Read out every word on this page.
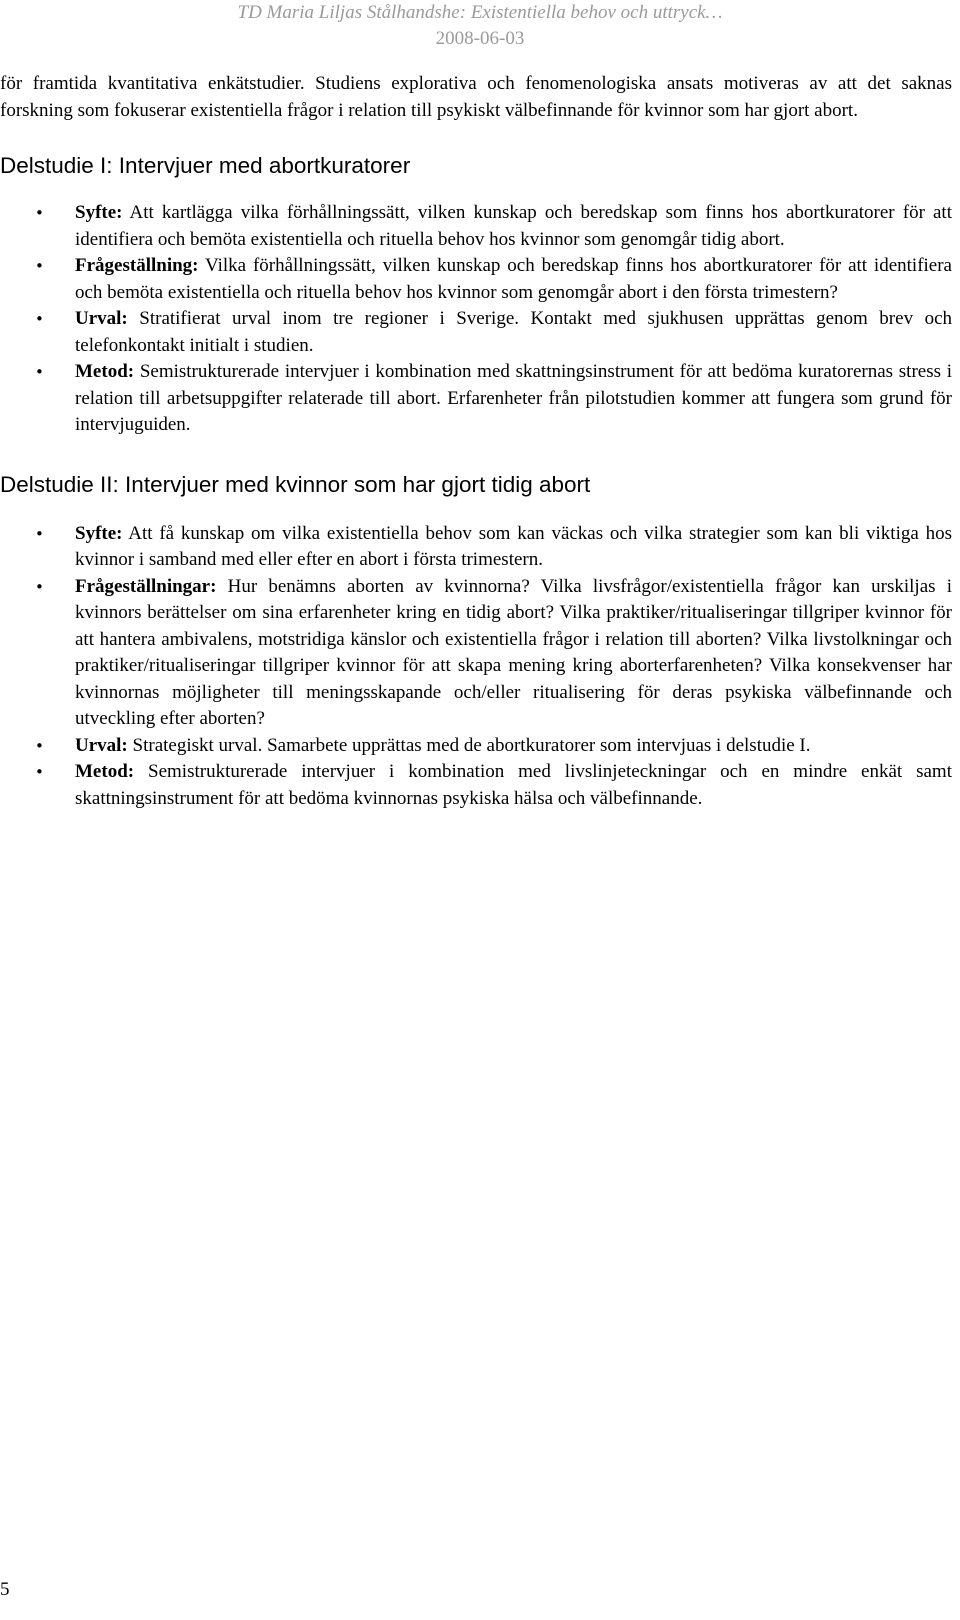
TD Maria Liljas Stålhandshe: Existentiella behov och uttryck…
2008-06-03

för framtida kvantitativa enkätstudier. Studiens explorativa och fenomenologiska ansats motiveras av att det saknas forskning som fokuserar existentiella frågor i relation till psykiskt välbefinnande för kvinnor som har gjort abort.

Delstudie I: Intervjuer med abortkuratorer
• Syfte: Att kartlägga vilka förhållningssätt, vilken kunskap och beredskap som finns hos abortkuratorer för att identifiera och bemöta existentiella och rituella behov hos kvinnor som genomgår tidig abort.
• Frågeställning: Vilka förhållningssätt, vilken kunskap och beredskap finns hos abortkuratorer för att identifiera och bemöta existentiella och rituella behov hos kvinnor som genomgår abort i den första trimestern?
• Urval: Stratifierat urval inom tre regioner i Sverige. Kontakt med sjukhusen upprättas genom brev och telefonkontakt initialt i studien.
• Metod: Semistrukturerade intervjuer i kombination med skattningsinstrument för att bedöma kuratorernas stress i relation till arbetsuppgifter relaterade till abort. Erfarenheter från pilotstudien kommer att fungera som grund för intervjuguiden.
Delstudie II: Intervjuer med kvinnor som har gjort tidig abort
• Syfte: Att få kunskap om vilka existentiella behov som kan väckas och vilka strategier som kan bli viktiga hos kvinnor i samband med eller efter en abort i första trimestern.
• Frågeställningar: Hur benämns aborten av kvinnorna? Vilka livsfrågor/existentiella frågor kan urskiljas i kvinnors berättelser om sina erfarenheter kring en tidig abort? Vilka praktiker/ritualiseringar tillgriper kvinnor för att hantera ambivalens, motstridiga känslor och existentiella frågor i relation till aborten? Vilka livstolkningar och praktiker/ritualiseringar tillgriper kvinnor för att skapa mening kring aborterfarenheten? Vilka konsekvenser har kvinnornas möjligheter till meningsskapande och/eller ritualisering för deras psykiska välbefinnande och utveckling efter aborten?
• Urval: Strategiskt urval. Samarbete upprättas med de abortkuratorer som intervjuas i delstudie I.
• Metod: Semistrukturerade intervjuer i kombination med livslinjeteckningar och en mindre enkät samt skattningsinstrument för att bedöma kvinnornas psykiska hälsa och välbefinnande.
5
